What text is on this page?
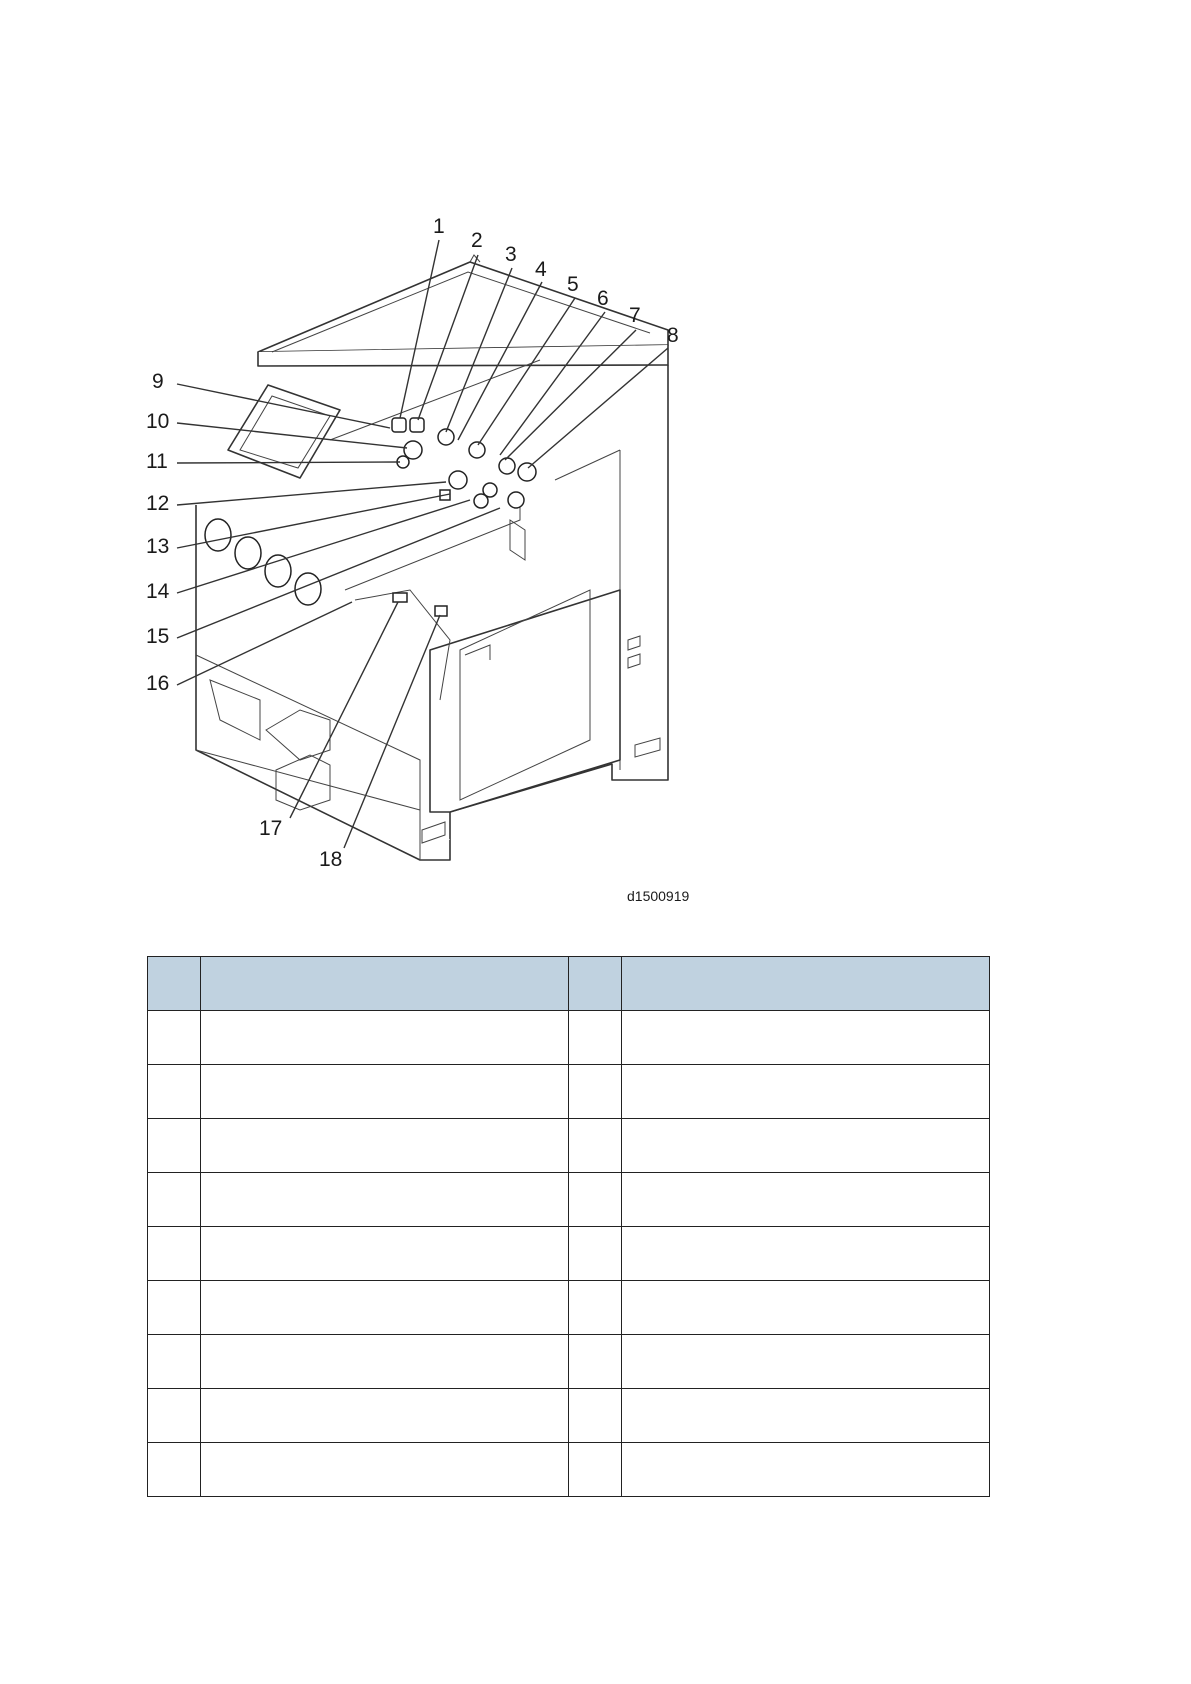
1
2
3
4
5
6
7
8
9
10
11
12
13
14
15
16
17
18
d1500919
